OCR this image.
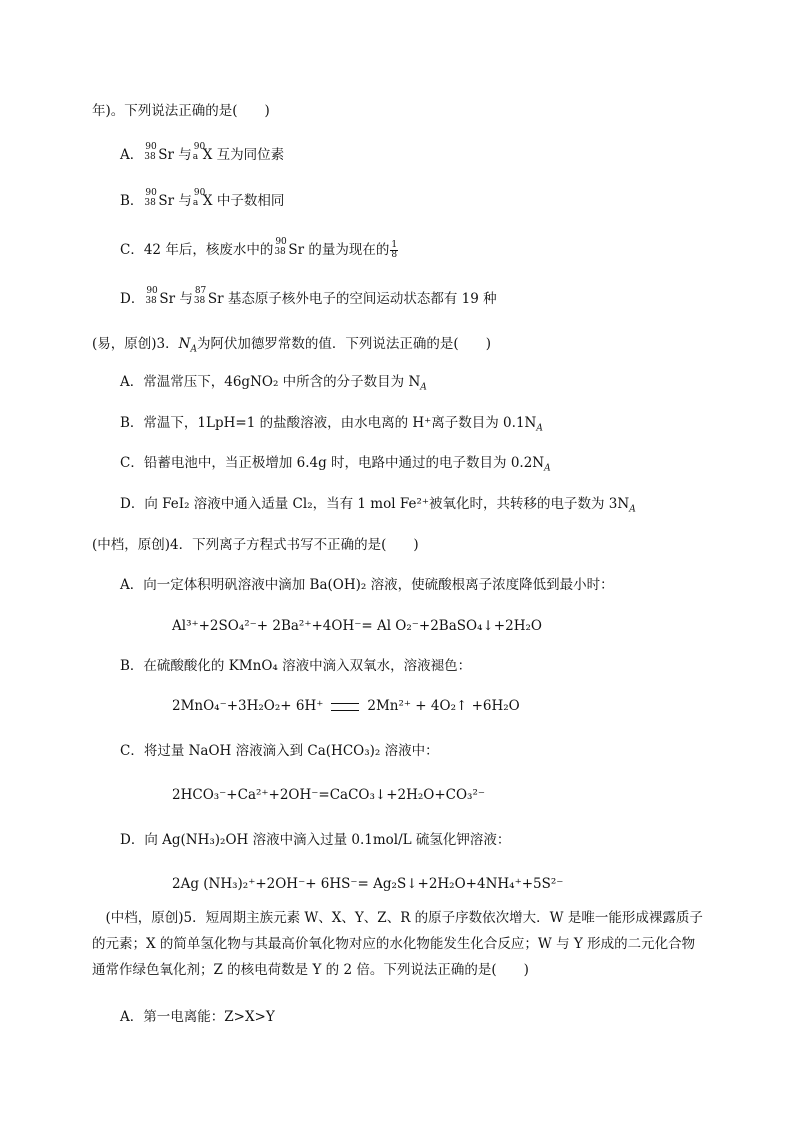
年)。下列说法正确的是(　　)
A．
90
38 Sr 与
90
a X 互为同位素
B．
90
38 Sr 与
90
a X 中子数相同
C．42 年后，核废水中的
90
38 Sr 的量为现在的 $\frac{1}{8}$
D．
90
38 Sr 与
87
38 Sr 基态原子核外电子的空间运动状态都有 19 种
(易，原创)3．$N_A$为阿伏加德罗常数的值．下列说法正确的是(　　)
A．常温常压下，46gNO₂ 中所含的分子数目为 $N_A$
B．常温下，1LpH=1 的盐酸溶液，由水电离的 H⁺离子数目为 $0.1N_A$
C．铅蓄电池中，当正极增加 6.4g 时，电路中通过的电子数目为 $0.2N_A$
D．向 FeI₂ 溶液中通入适量 Cl₂，当有 1 mol Fe²⁺被氧化时，共转移的电子数为 $3N_A$
(中档，原创)4．下列离子方程式书写不正确的是(　　)
A．向一定体积明矾溶液中滴加 Ba(OH)₂ 溶液，使硫酸根离子浓度降低到最小时：
Al³⁺+2SO₄²⁻+ 2Ba²⁺+4OH⁻= Al O₂⁻+2BaSO₄↓+2H₂O
B．在硫酸酸化的 KMnO₄ 溶液中滴入双氧水，溶液褪色：
2MnO₄⁻+3H₂O₂+ 6H⁺	2Mn²⁺ + 4O₂↑ +6H₂O
C．将过量 NaOH 溶液滴入到 Ca(HCO₃)₂ 溶液中：
2HCO₃⁻+Ca²⁺+2OH⁻=CaCO₃↓+2H₂O+CO₃²⁻
D．向 Ag(NH₃)₂OH 溶液中滴入过量 0.1mol/L 硫氢化钾溶液：
2Ag (NH₃)₂⁺+2OH⁻+ 6HS⁻= Ag₂S↓+2H₂O+4NH₄⁺+5S²⁻
　(中档，原创)5．短周期主族元素 W、X、Y、Z、R 的原子序数依次增大．W 是唯一能形成裸露质子的元素；X 的简单氢化物与其最高价氧化物对应的水化物能发生化合反应；W 与 Y 形成的二元化合物通常作绿色氧化剂；Z 的核电荷数是 Y 的 2 倍。下列说法正确的是(　　)
A．第一电离能：Z>X>Y
